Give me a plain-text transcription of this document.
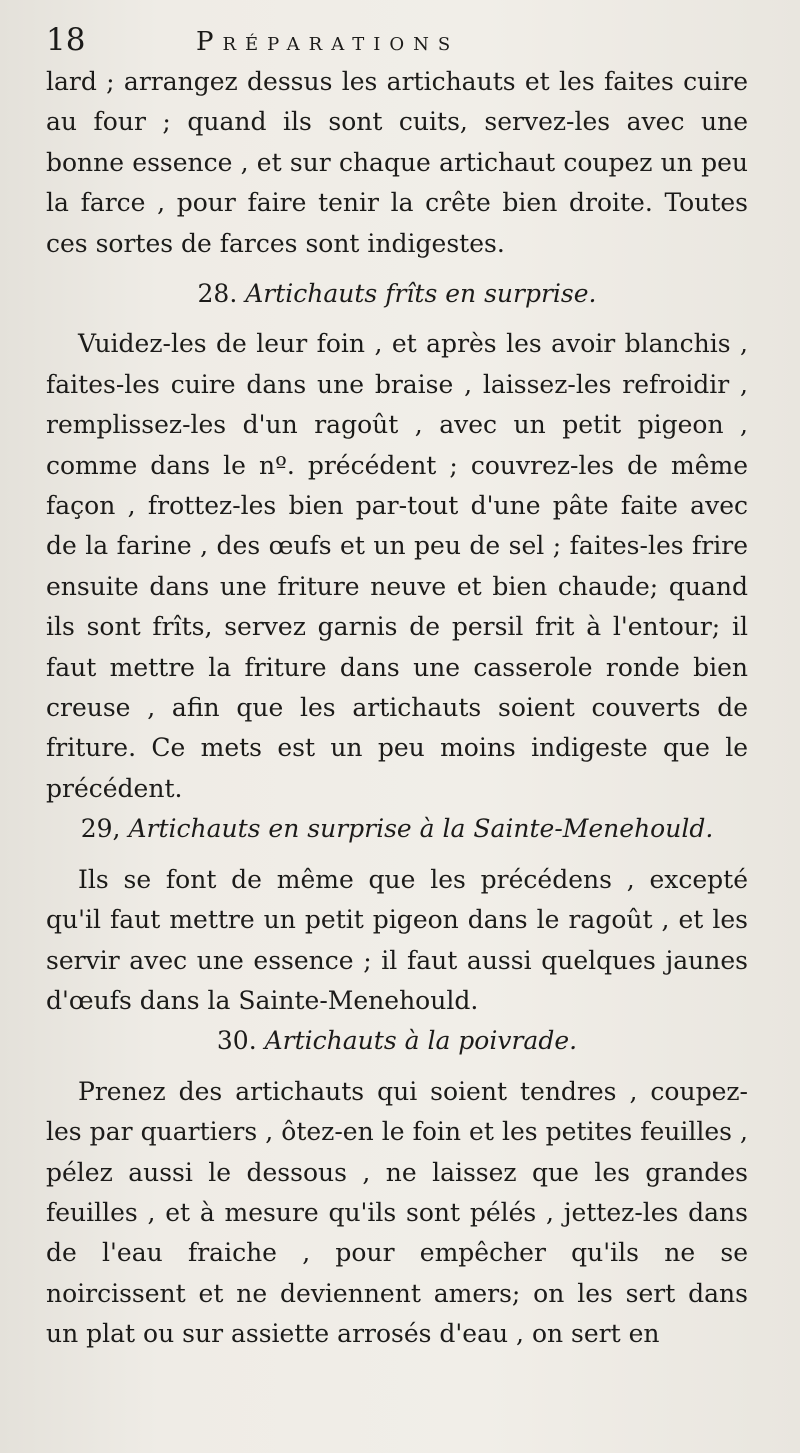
18	Préparations

lard ; arrangez dessus les artichauts et les faites cuire au four ; quand ils sont cuits, servez-les avec une bonne essence , et sur chaque artichaut coupez un peu la farce , pour faire tenir la crête bien droite. Toutes ces sortes de farces sont indigestes.

28. Artichauts frîts en surprise.

Vuidez-les de leur foin , et après les avoir blanchis , faites-les cuire dans une braise , laissez-les refroidir , remplissez-les d'un ragoût , avec un petit pigeon , comme dans le nº. précédent ; couvrez-les de même façon , frottez-les bien par-tout d'une pâte faite avec de la farine , des œufs et un peu de sel ; faites-les frire ensuite dans une friture neuve et bien chaude; quand ils sont frîts, servez garnis de persil frit à l'entour; il faut mettre la friture dans une casserole ronde bien creuse , afin que les artichauts soient couverts de friture. Ce mets est un peu moins indigeste que le précédent.

29, Artichauts en surprise à la Sainte-Menehould.

Ils se font de même que les précédens , excepté qu'il faut mettre un petit pigeon dans le ragoût , et les servir avec une essence ; il faut aussi quelques jaunes d'œufs dans la Sainte-Menehould.

30. Artichauts à la poivrade.

Prenez des artichauts qui soient tendres , coupez-les par quartiers , ôtez-en le foin et les petites feuilles , pélez aussi le dessous , ne laissez que les grandes feuilles , et à mesure qu'ils sont pélés , jettez-les dans de l'eau fraiche , pour empêcher qu'ils ne se noircissent et ne deviennent amers; on les sert dans un plat ou sur assiette arrosés d'eau , on sert en
